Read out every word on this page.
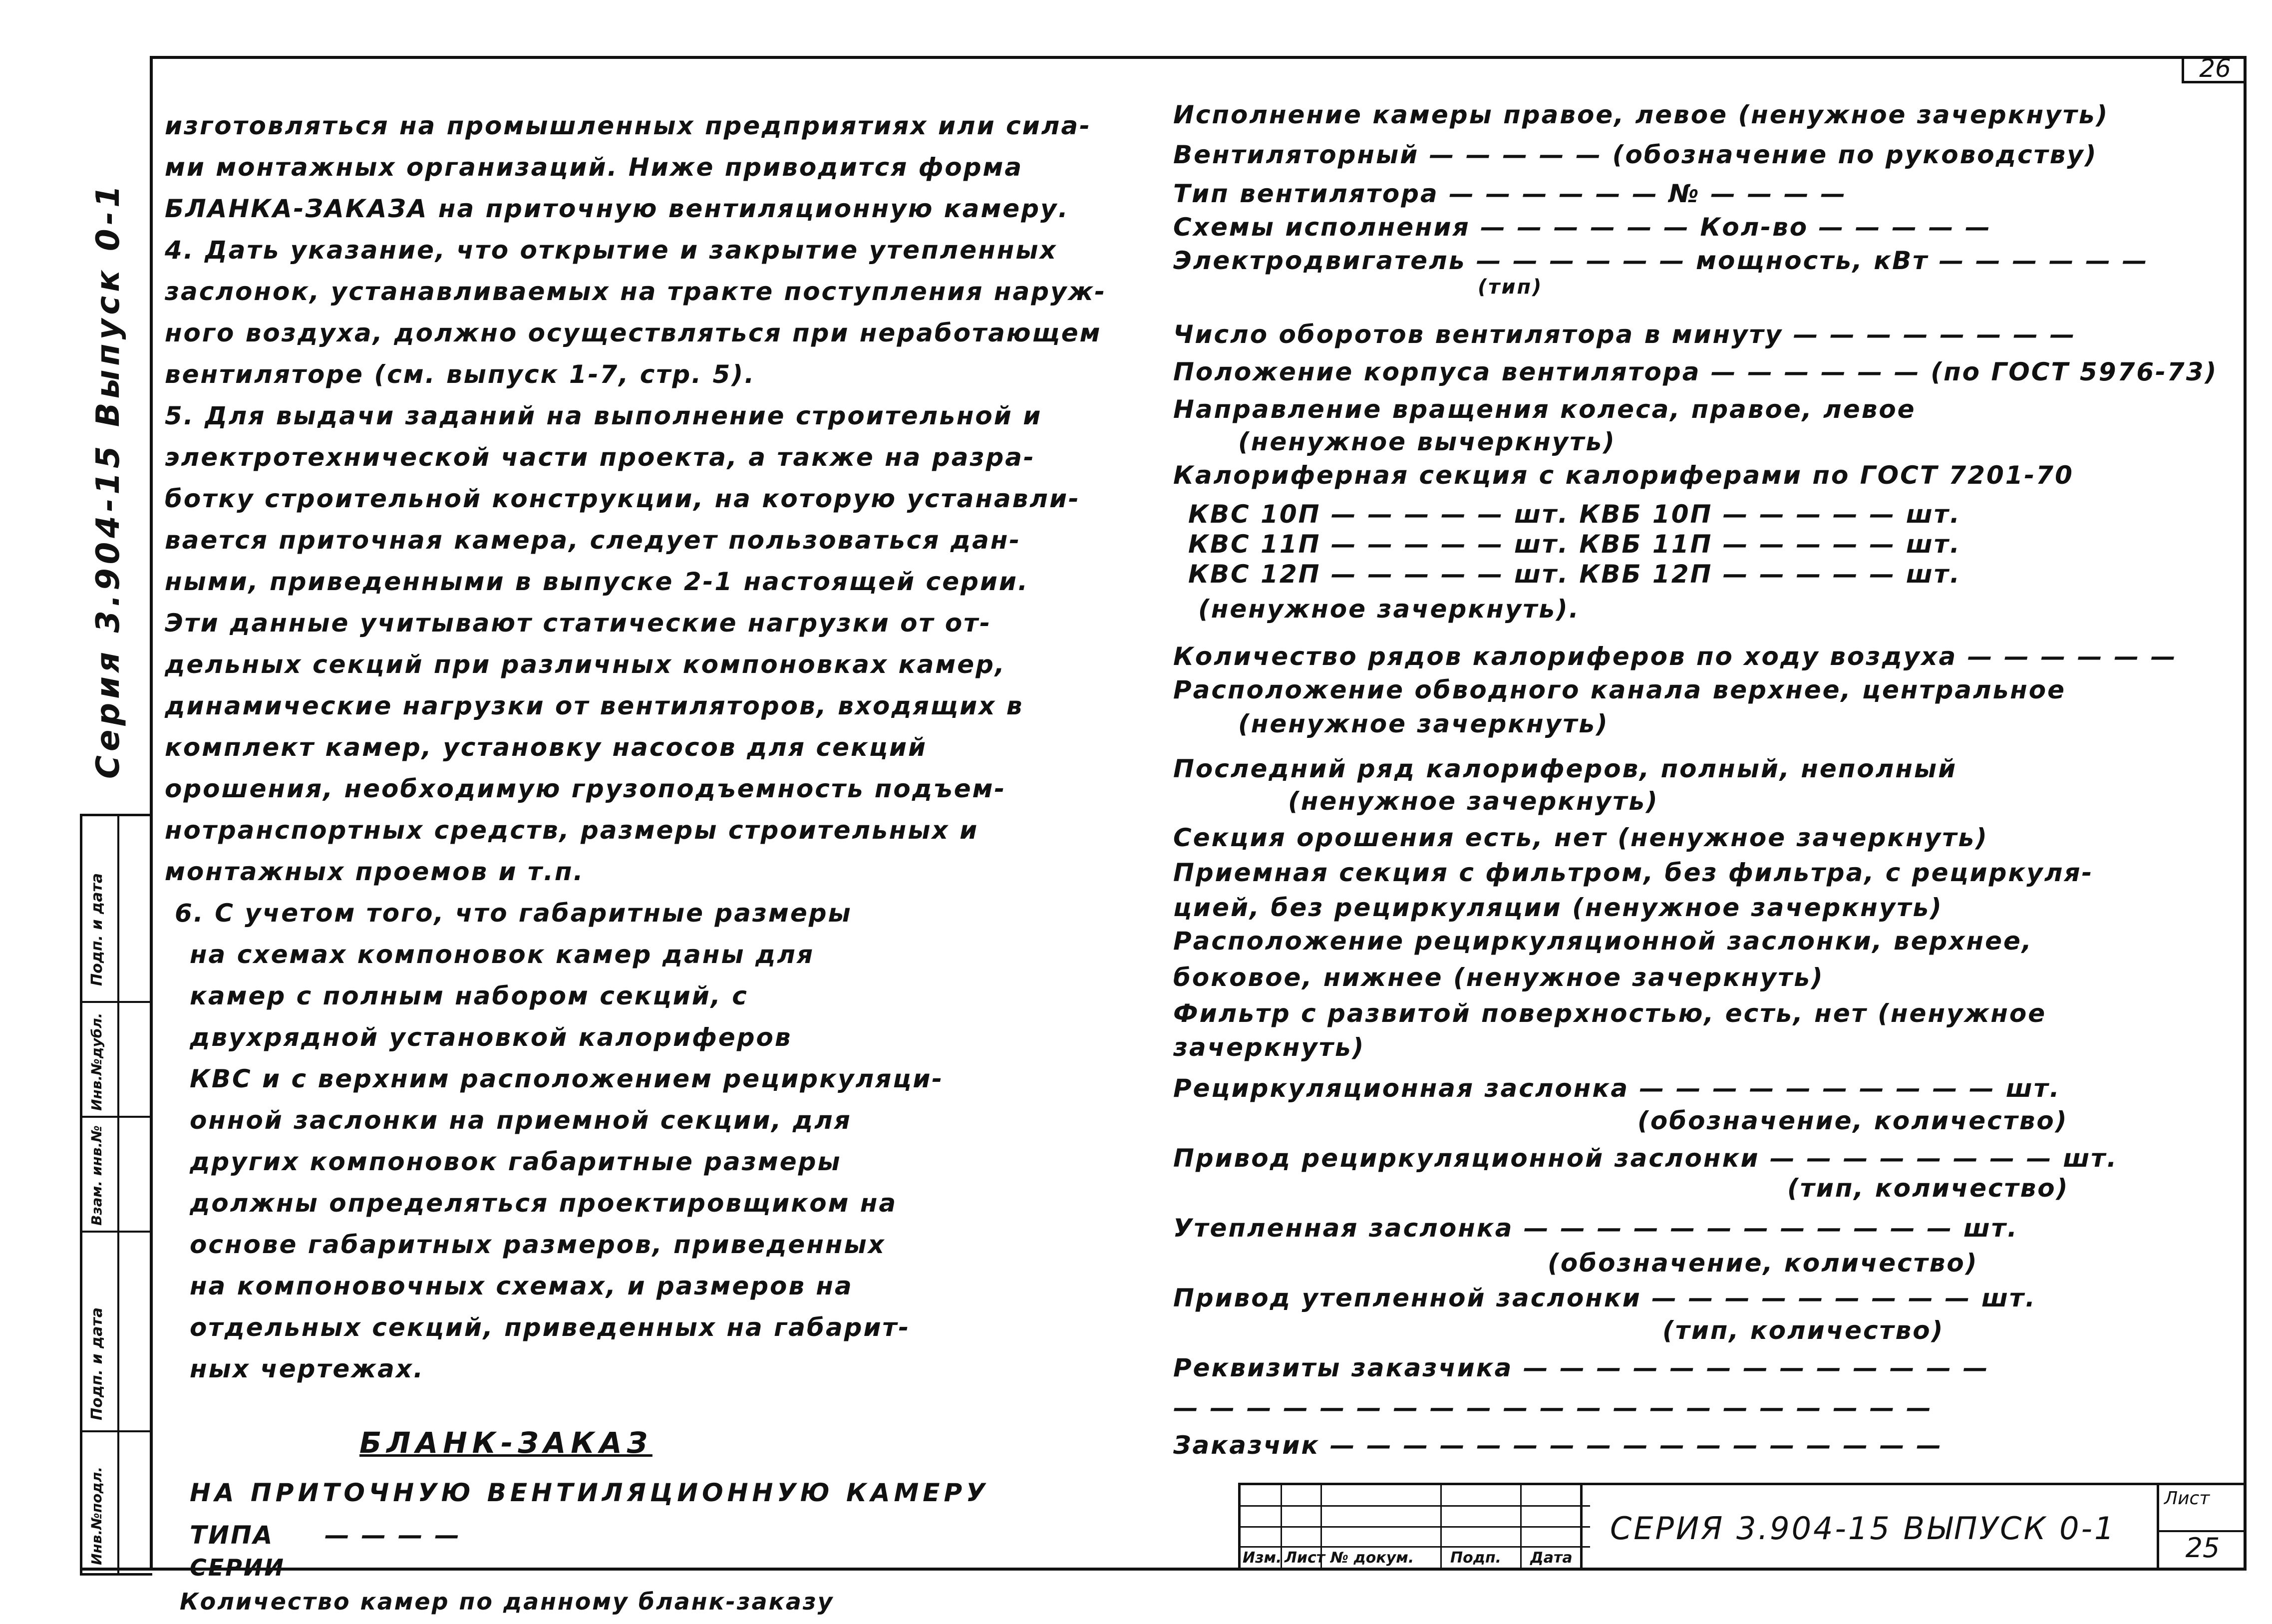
26
Серия 3.904-15 Выпуск 0-1
Подп. и дата
Инв.№дубл.
Взам. инв.№
Подп. и дата
Инв.№подл.
изготовляться на промышленных предприятиях или сила-
ми монтажных организаций. Ниже приводится форма
БЛАНКА-ЗАКАЗА на приточную вентиляционную камеру.
4. Дать указание, что открытие и закрытие утепленных
заслонок, устанавливаемых на тракте поступления наруж-
ного воздуха, должно осуществляться при неработающем
вентиляторе (см. выпуск 1-7, стр. 5).
5. Для выдачи заданий на выполнение строительной и
электротехнической части проекта, а также на разра-
ботку строительной конструкции, на которую устанавли-
вается приточная камера, следует пользоваться дан-
ными, приведенными в выпуске 2-1 настоящей серии.
Эти данные учитывают статические нагрузки от от-
дельных секций при различных компоновках камер,
динамические нагрузки от вентиляторов, входящих в
комплект камер, установку насосов для секций
орошения, необходимую грузоподъемность подъем-
нотранспортных средств, размеры строительных и
монтажных проемов и т.п.
6. С учетом того, что габаритные размеры
на схемах компоновок камер даны для
камер с полным набором секций, с
двухрядной установкой калориферов
КВС и с верхним расположением рециркуляци-
онной заслонки на приемной секции, для
других компоновок габаритные размеры
должны определяться проектировщиком на
основе габаритных размеров, приведенных
на компоновочных схемах, и размеров на
отдельных секций, приведенных на габарит-
ных чертежах.
БЛАНК-ЗАКАЗ
НА ПРИТОЧНУЮ ВЕНТИЛЯЦИОННУЮ КАМЕРУ
ТИПА — — — —
СЕРИИ — — — — —
Количество камер по данному бланк-заказу
Исполнение камеры правое, левое (ненужное зачеркнуть)
Вентиляторный — — — — — (обозначение по руководству)
Тип вентилятора — — — — — — № — — — —
Схемы исполнения — — — — — — Кол-во — — — — —
Электродвигатель — — — — — — мощность, кВт — — — — — —
(тип)
Число оборотов вентилятора в минуту — — — — — — — —
Положение корпуса вентилятора — — — — — — (по ГОСТ 5976-73)
Направление вращения колеса, правое, левое
(ненужное вычеркнуть)
Калориферная секция с калориферами по ГОСТ 7201-70
КВС 10П — — — — — шт. КВБ 10П — — — — — шт.
КВС 11П — — — — — шт. КВБ 11П — — — — — шт.
КВС 12П — — — — — шт. КВБ 12П — — — — — шт.
(ненужное зачеркнуть).
Количество рядов калориферов по ходу воздуха — — — — — —
Расположение обводного канала верхнее, центральное
(ненужное зачеркнуть)
Последний ряд калориферов, полный, неполный
(ненужное зачеркнуть)
Секция орошения есть, нет (ненужное зачеркнуть)
Приемная секция с фильтром, без фильтра, с рециркуля-
цией, без рециркуляции (ненужное зачеркнуть)
Расположение рециркуляционной заслонки, верхнее,
боковое, нижнее (ненужное зачеркнуть)
Фильтр с развитой поверхностью, есть, нет (ненужное
зачеркнуть)
Рециркуляционная заслонка — — — — — — — — — — шт.
(обозначение, количество)
Привод рециркуляционной заслонки — — — — — — — — шт.
(тип, количество)
Утепленная заслонка — — — — — — — — — — — — шт.
(обозначение, количество)
Привод утепленной заслонки — — — — — — — — — шт.
(тип, количество)
Реквизиты заказчика — — — — — — — — — — — — —
— — — — — — — — — — — — — — — — — — — — —
Заказчик — — — — — — — — — — — — — — — — —
Изм. Лист № докум. Подп. Дата
СЕРИЯ 3.904-15 ВЫПУСК 0-1
Лист
25
